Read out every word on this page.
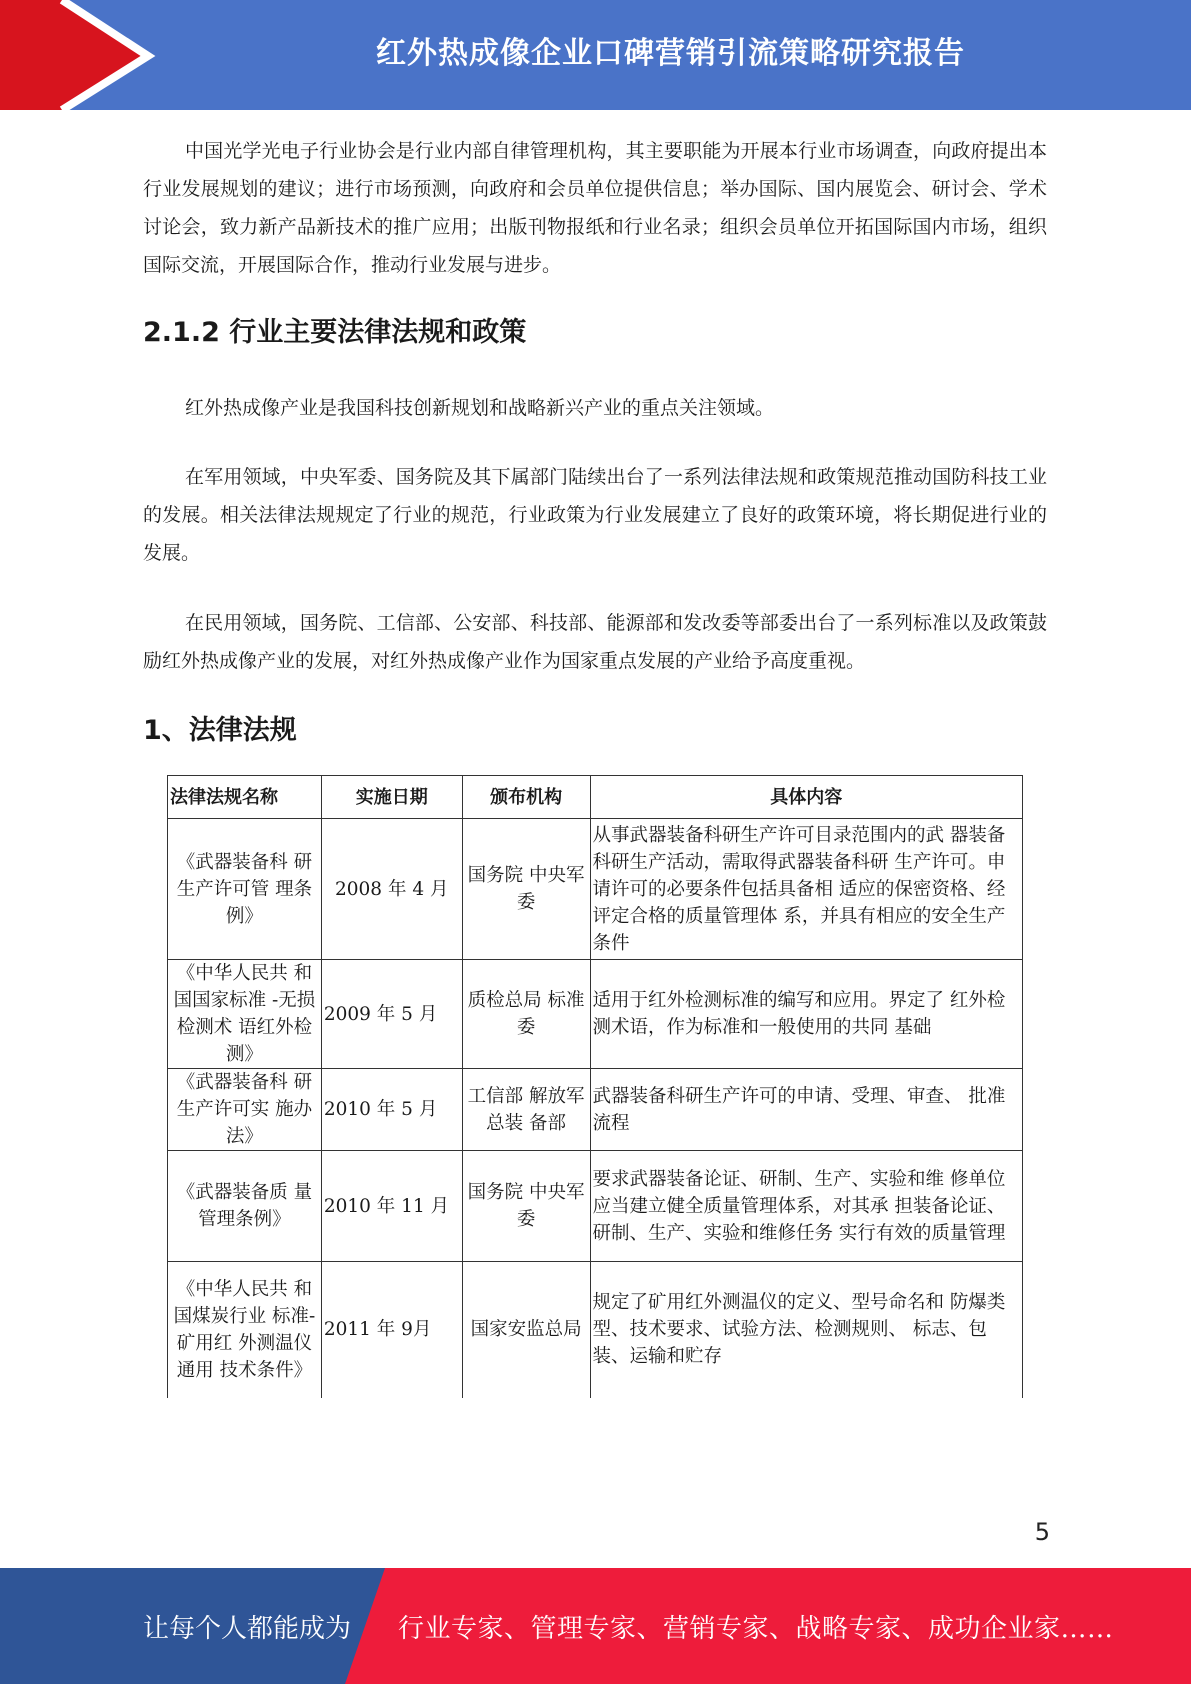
红外热成像企业口碑营销引流策略研究报告

中国光学光电子行业协会是行业内部自律管理机构，其主要职能为开展本行业市场调查，向政府提出本行业发展规划的建议；进行市场预测，向政府和会员单位提供信息；举办国际、国内展览会、研讨会、学术讨论会，致力新产品新技术的推广应用；出版刊物报纸和行业名录；组织会员单位开拓国际国内市场，组织国际交流，开展国际合作，推动行业发展与进步。

2.1.2 行业主要法律法规和政策

红外热成像产业是我国科技创新规划和战略新兴产业的重点关注领域。

在军用领域，中央军委、国务院及其下属部门陆续出台了一系列法律法规和政策规范推动国防科技工业的发展。相关法律法规规定了行业的规范，行业政策为行业发展建立了良好的政策环境，将长期促进行业的发展。

在民用领域，国务院、工信部、公安部、科技部、能源部和发改委等部委出台了一系列标准以及政策鼓励红外热成像产业的发展，对红外热成像产业作为国家重点发展的产业给予高度重视。

1、法律法规
法律法规名称	实施日期	颁布机构	具体内容
《武器装备科 研生产许可管 理条例》	2008 年 4 月	国务院 中央军委	从事武器装备科研生产许可目录范围内的武 器装备科研生产活动，需取得武器装备科研 生产许可。申请许可的必要条件包括具备相 适应的保密资格、经评定合格的质量管理体 系，并具有相应的安全生产条件
《中华人民共 和国国家标准 -无损检测术 语红外检测》	2009 年 5 月	质检总局 标准委	适用于红外检测标准的编写和应用。界定了 红外检测术语，作为标准和一般使用的共同 基础
《武器装备科 研生产许可实 施办法》	2010 年 5 月	工信部 解放军总装 备部	武器装备科研生产许可的申请、受理、审查、 批准流程
《武器装备质 量管理条例》	2010 年 11 月	国务院 中央军委	要求武器装备论证、研制、生产、实验和维 修单位应当建立健全质量管理体系，对其承 担装备论证、研制、生产、实验和维修任务 实行有效的质量管理
《中华人民共 和国煤炭行业 标准-矿用红 外测温仪通用 技术条件》	2011 年 9月	国家安监总局	规定了矿用红外测温仪的定义、型号命名和 防爆类型、技术要求、试验方法、检测规则、 标志、包装、运输和贮存
5
让每个人都能成为 行业专家、管理专家、营销专家、战略专家、成功企业家……
